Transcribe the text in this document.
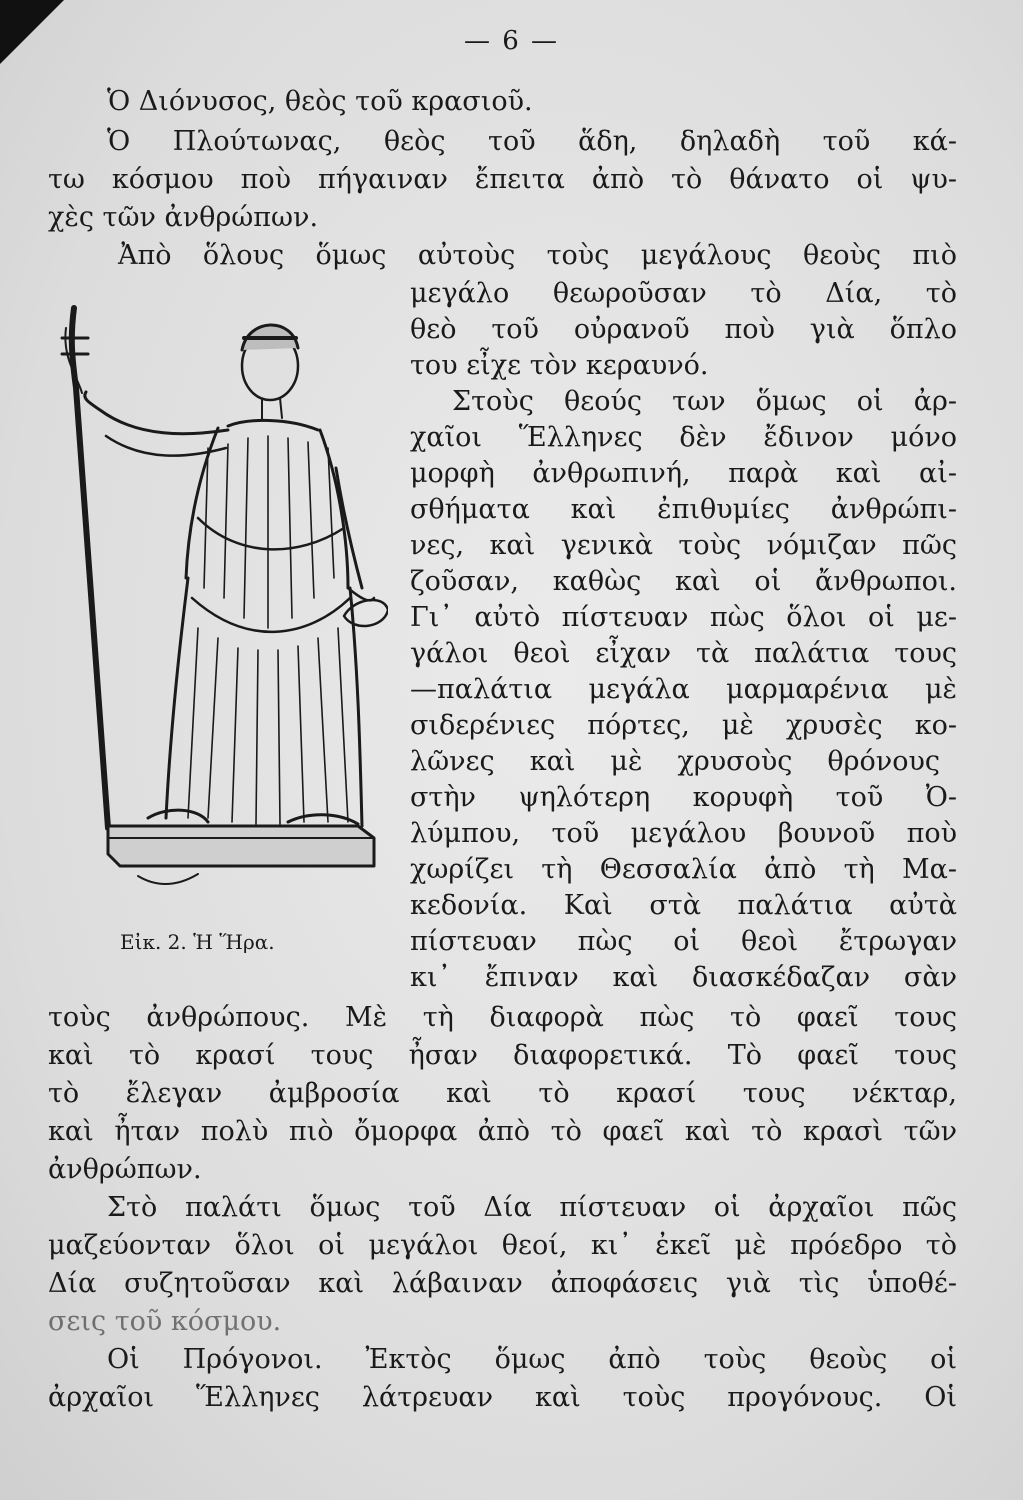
— 6 —
Ὁ Διόνυσος, θεὸς τοῦ κρασιοῦ.
Ὁ Πλούτωνας, θεὸς τοῦ ἅδη, δηλαδὴ τοῦ κά-
τω κόσμου ποὺ πήγαιναν ἔπειτα ἀπὸ τὸ θάνατο οἱ ψυ-
χὲς τῶν ἀνθρώπων.
Ἀπὸ ὅλους ὅμως αὐτοὺς τοὺς μεγάλους θεοὺς πιὸ
μεγάλο θεωροῦσαν τὸ Δία, τὸ
θεὸ τοῦ οὐρανοῦ ποὺ γιὰ ὅπλο
του εἶχε τὸν κεραυνό.
Στοὺς θεούς των ὅμως οἱ ἀρ-
χαῖοι Ἕλληνες δὲν ἔδινον μόνο
μορφὴ ἀνθρωπινή, παρὰ καὶ αἰ-
σθήματα καὶ ἐπιθυμίες ἀνθρώπι-
νες, καὶ γενικὰ τοὺς νόμιζαν πῶς
ζοῦσαν, καθὼς καὶ οἱ ἄνθρωποι.
Γι᾿ αὐτὸ πίστευαν πὼς ὅλοι οἱ με-
γάλοι θεοὶ εἶχαν τὰ παλάτια τους
—παλάτια μεγάλα μαρμαρένια μὲ
σιδερένιες πόρτες, μὲ χρυσὲς κο-
λῶνες καὶ μὲ χρυσοὺς θρόνους
στὴν ψηλότερη κορυφὴ τοῦ Ὀ-
λύμπου, τοῦ μεγάλου βουνοῦ ποὺ
χωρίζει τὴ Θεσσαλία ἀπὸ τὴ Μα-
κεδονία. Καὶ στὰ παλάτια αὐτὰ
πίστευαν πὼς οἱ θεοὶ ἔτρωγαν
κι᾿ ἔπιναν καὶ διασκέδαζαν σὰν
τοὺς ἀνθρώπους. Μὲ τὴ διαφορὰ πὼς τὸ φαεῖ τους
καὶ τὸ κρασί τους ἦσαν διαφορετικά. Τὸ φαεῖ τους
τὸ ἔλεγαν ἀμβροσία καὶ τὸ κρασί τους νέκταρ,
καὶ ἦταν πολὺ πιὸ ὄμορφα ἀπὸ τὸ φαεῖ καὶ τὸ κρασὶ τῶν
ἀνθρώπων.
Στὸ παλάτι ὅμως τοῦ Δία πίστευαν οἱ ἀρχαῖοι πῶς
μαζεύονταν ὅλοι οἱ μεγάλοι θεοί, κι᾿ ἐκεῖ μὲ πρόεδρο τὸ
Δία συζητοῦσαν καὶ λάβαιναν ἀποφάσεις γιὰ τὶς ὑποθέ-
σεις τοῦ κόσμου.
Οἱ Πρόγονοι. Ἐκτὸς ὅμως ἀπὸ τοὺς θεοὺς οἱ
ἀρχαῖοι Ἕλληνες λάτρευαν καὶ τοὺς προγόνους. Οἱ
Εἰκ. 2. Ἡ Ἥρα.
